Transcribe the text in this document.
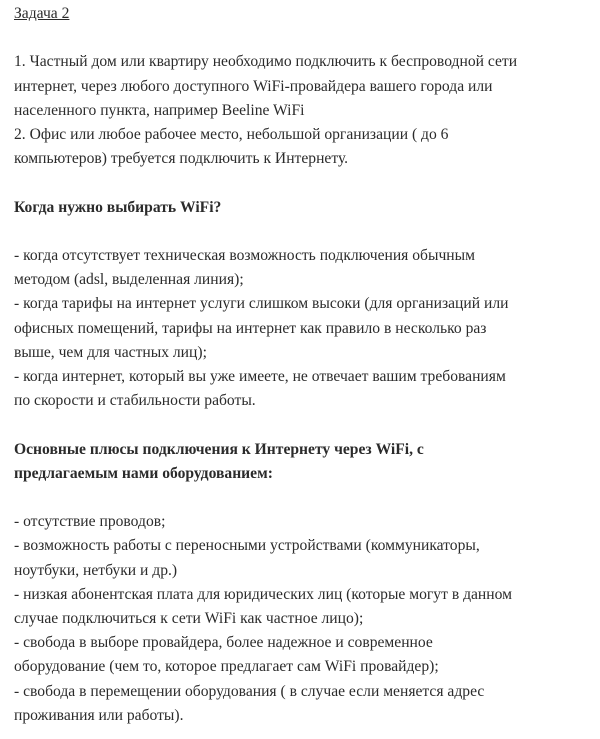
Задача 2
1. Частный дом или квартиру необходимо подключить к беспроводной сети
интернет, через любого доступного WiFi-провайдера вашего города или
населенного пункта, например Beeline WiFi
2. Офис или любое рабочее место, небольшой организации ( до 6
компьютеров) требуется подключить к Интернету.
Когда нужно выбирать WiFi?
- когда отсутствует техническая возможность подключения обычным
методом (adsl, выделенная линия);
- когда тарифы на интернет услуги слишком высоки (для организаций или
офисных помещений, тарифы на интернет как правило в несколько раз
выше, чем для частных лиц);
- когда интернет, который вы уже имеете, не отвечает вашим требованиям
по скорости и стабильности работы.
Основные плюсы подключения к Интернету через WiFi, с
предлагаемым нами оборудованием:
- отсутствие проводов;
- возможность работы с переносными устройствами (коммуникаторы,
ноутбуки, нетбуки и др.)
- низкая абонентская плата для юридических лиц (которые могут в данном
случае подключиться к сети WiFi как частное лицо);
- свобода в выборе провайдера, более надежное и современное
оборудование (чем то, которое предлагает сам WiFi провайдер);
- свобода в перемещении оборудования ( в случае если меняется адрес
проживания или работы).
